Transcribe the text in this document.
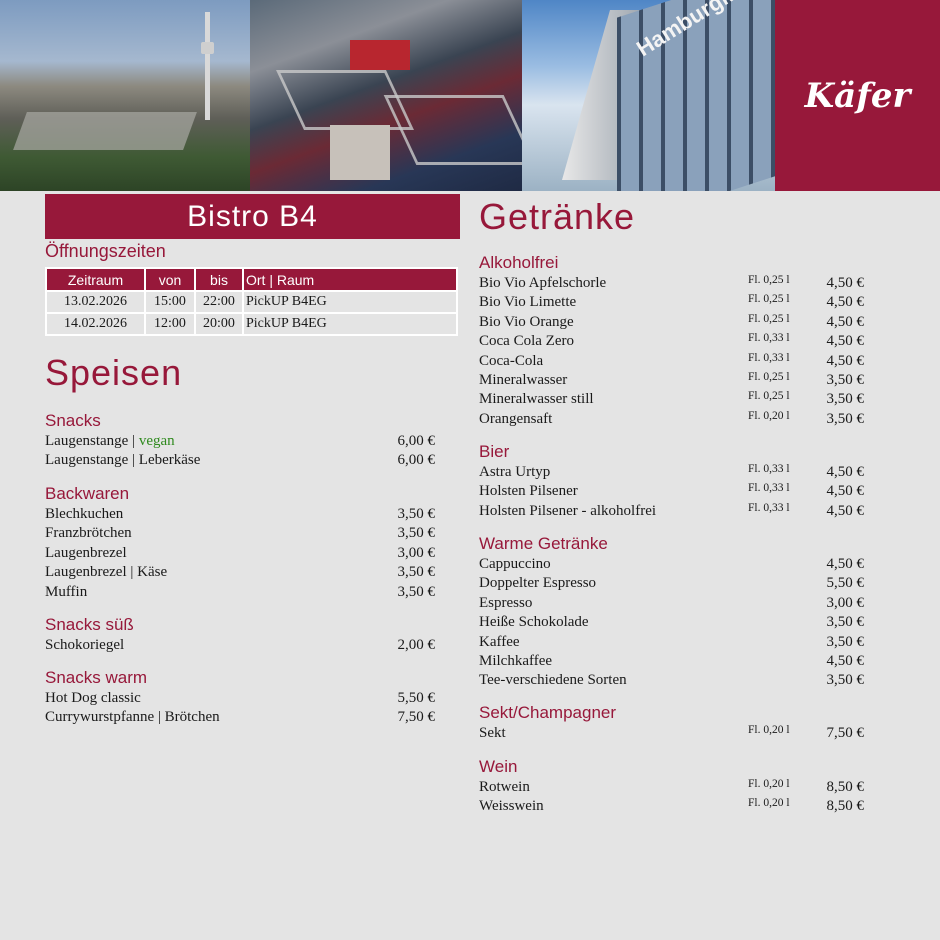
Käfer
Bistro B4
Öffnungszeiten
Zeitraum	von	bis	Ort | Raum
13.02.2026	15:00	22:00	PickUP B4EG
14.02.2026	12:00	20:00	PickUP B4EG
Speisen
Snacks
Laugenstange | vegan	6,00 €
Laugenstange | Leberkäse	6,00 €
Backwaren
Blechkuchen	3,50 €
Franzbrötchen	3,50 €
Laugenbrezel	3,00 €
Laugenbrezel | Käse	3,50 €
Muffin	3,50 €
Snacks süß
Schokoriegel	2,00 €
Snacks warm
Hot Dog classic	5,50 €
Currywurstpfanne | Brötchen	7,50 €
Getränke
Alkoholfrei
Bio Vio Apfelschorle	Fl. 0,25 l 4,50 €
Bio Vio Limette	Fl. 0,25 l 4,50 €
Bio Vio Orange	Fl. 0,25 l 4,50 €
Coca Cola Zero	Fl. 0,33 l 4,50 €
Coca-Cola	Fl. 0,33 l 4,50 €
Mineralwasser	Fl. 0,25 l 3,50 €
Mineralwasser still	Fl. 0,25 l 3,50 €
Orangensaft	Fl. 0,20 l 3,50 €
Bier
Astra Urtyp	Fl. 0,33 l 4,50 €
Holsten Pilsener	Fl. 0,33 l 4,50 €
Holsten Pilsener - alkoholfrei	Fl. 0,33 l 4,50 €
Warme Getränke
Cappuccino	4,50 €
Doppelter Espresso	5,50 €
Espresso	3,00 €
Heiße Schokolade	3,50 €
Kaffee	3,50 €
Milchkaffee	4,50 €
Tee-verschiedene Sorten	3,50 €
Sekt/Champagner
Sekt	Fl. 0,20 l 7,50 €
Wein
Rotwein	Fl. 0,20 l 8,50 €
Weisswein	Fl. 0,20 l 8,50 €
